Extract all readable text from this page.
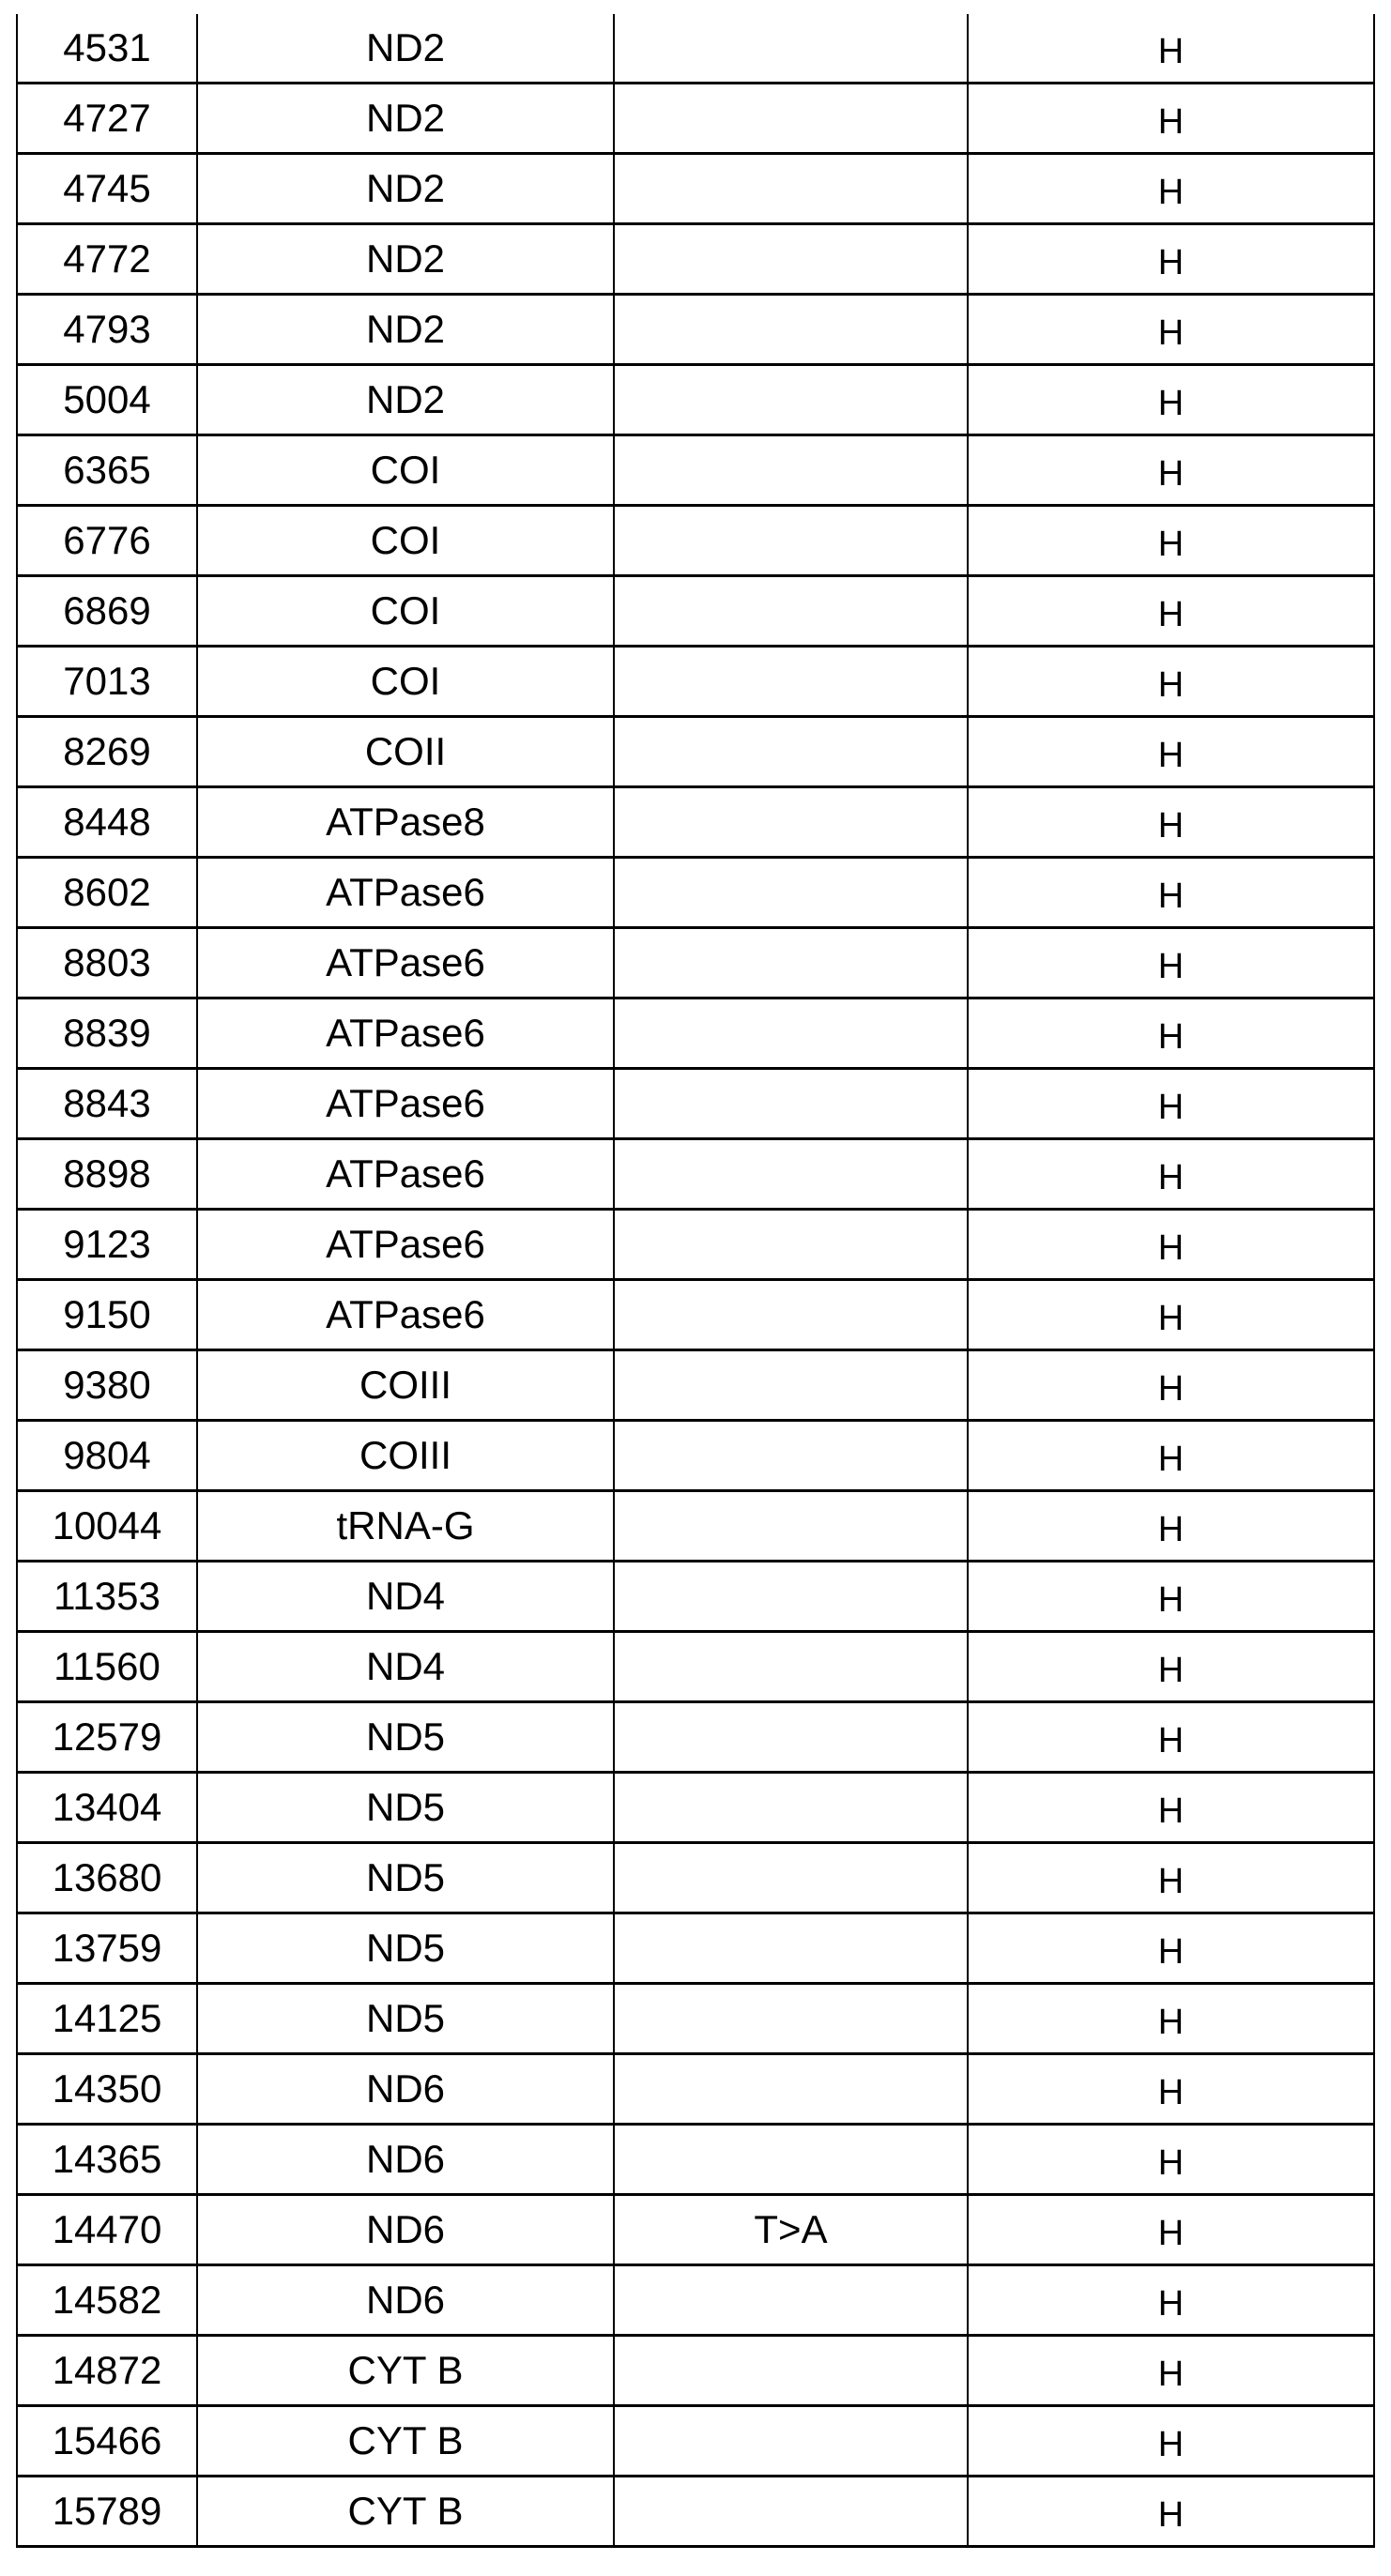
4531	ND2		H
4727	ND2		H
4745	ND2		H
4772	ND2		H
4793	ND2		H
5004	ND2		H
6365	COI		H
6776	COI		H
6869	COI		H
7013	COI		H
8269	COII		H
8448	ATPase8		H
8602	ATPase6		H
8803	ATPase6		H
8839	ATPase6		H
8843	ATPase6		H
8898	ATPase6		H
9123	ATPase6		H
9150	ATPase6		H
9380	COIII		H
9804	COIII		H
10044	tRNA-G		H
11353	ND4		H
11560	ND4		H
12579	ND5		H
13404	ND5		H
13680	ND5		H
13759	ND5		H
14125	ND5		H
14350	ND6		H
14365	ND6		H
14470	ND6	T>A	H
14582	ND6		H
14872	CYT B		H
15466	CYT B		H
15789	CYT B		H
